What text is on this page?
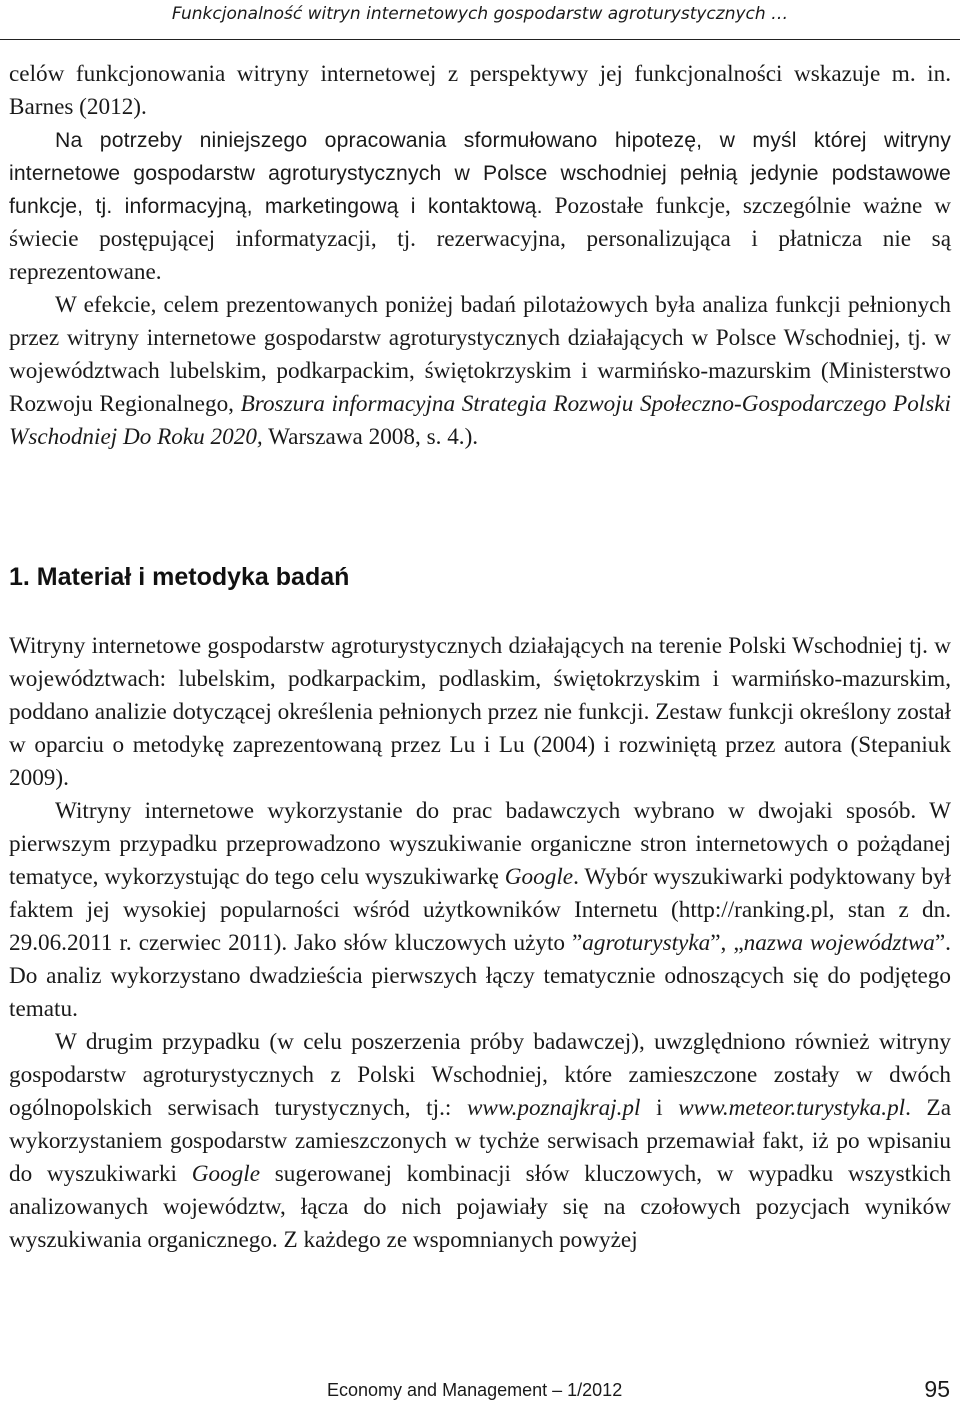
Funkcjonalność witryn internetowych gospodarstw agroturystycznych …

celów funkcjonowania witryny internetowej z perspektywy jej funkcjonalności wskazuje m. in. Barnes (2012).

Na potrzeby niniejszego opracowania sformułowano hipotezę, w myśl której witryny internetowe gospodarstw agroturystycznych w Polsce wschodniej pełnią jedynie podstawowe funkcje, tj. informacyjną, marketingową i kontaktową. Pozostałe funkcje, szczególnie ważne w świecie postępującej informatyzacji, tj. rezerwacyjna, personalizująca i płatnicza nie są reprezentowane.

W efekcie, celem prezentowanych poniżej badań pilotażowych była analiza funkcji pełnionych przez witryny internetowe gospodarstw agroturystycznych działających w Polsce Wschodniej, tj. w województwach lubelskim, podkarpackim, świętokrzyskim i warmińsko-mazurskim (Ministerstwo Rozwoju Regionalnego, Broszura informacyjna Strategia Rozwoju Społeczno-Gospodarczego Polski Wschodniej Do Roku 2020, Warszawa 2008, s. 4.).

1. Materiał i metodyka badań

Witryny internetowe gospodarstw agroturystycznych działających na terenie Polski Wschodniej tj. w województwach: lubelskim, podkarpackim, podlaskim, świętokrzyskim i warmińsko-mazurskim, poddano analizie dotyczącej określenia pełnionych przez nie funkcji. Zestaw funkcji określony został w oparciu o metodykę zaprezentowaną przez Lu i Lu (2004) i rozwiniętą przez autora (Stepaniuk 2009).

Witryny internetowe wykorzystanie do prac badawczych wybrano w dwojaki sposób. W pierwszym przypadku przeprowadzono wyszukiwanie organiczne stron internetowych o pożądanej tematyce, wykorzystując do tego celu wyszukiwarkę Google. Wybór wyszukiwarki podyktowany był faktem jej wysokiej popularności wśród użytkowników Internetu (http://ranking.pl, stan z dn. 29.06.2011 r. czerwiec 2011). Jako słów kluczowych użyto ”agroturystyka”, „nazwa województwa”. Do analiz wykorzystano dwadzieścia pierwszych łączy tematycznie odnoszących się do podjętego tematu.

W drugim przypadku (w celu poszerzenia próby badawczej), uwzględniono również witryny gospodarstw agroturystycznych z Polski Wschodniej, które zamieszczone zostały w dwóch ogólnopolskich serwisach turystycznych, tj.: www.poznajkraj.pl i www.meteor.turystyka.pl. Za wykorzystaniem gospodarstw zamieszczonych w tychże serwisach przemawiał fakt, iż po wpisaniu do wyszukiwarki Google sugerowanej kombinacji słów kluczowych, w wypadku wszystkich analizowanych województw, łącza do nich pojawiały się na czołowych pozycjach wyników wyszukiwania organicznego. Z każdego ze wspomnianych powyżej

Economy and Management – 1/2012	95
